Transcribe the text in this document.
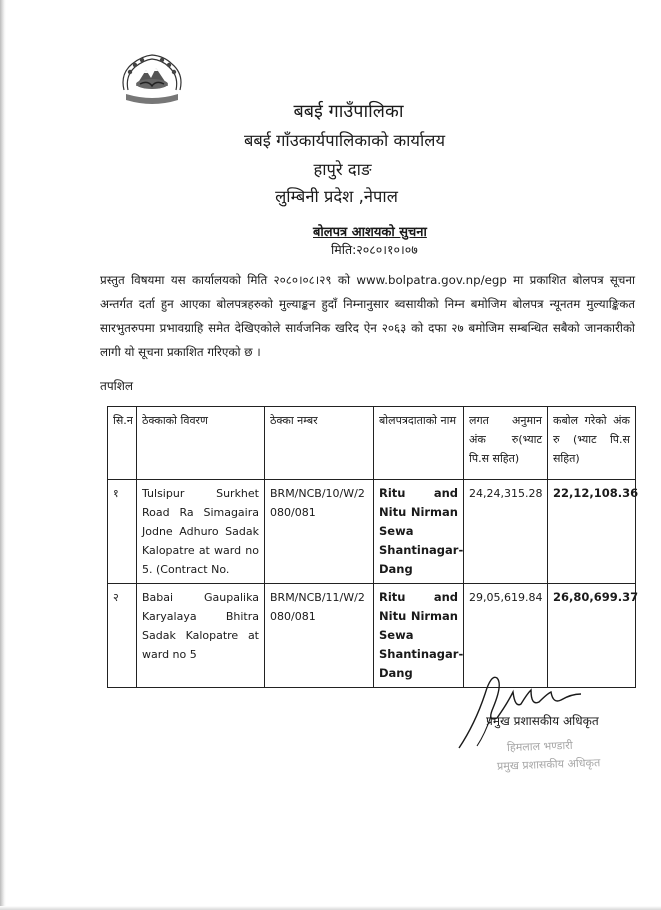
बबई गाउँपालिका
बबई गाँउकार्यपालिकाको कार्यालय
हापुरे दाङ
लुम्बिनी प्रदेश ,नेपाल
बोलपत्र आशयको सुचना
मिति:२०८०।१०।०७
प्रस्तुत विषयमा यस कार्यालयको मिति २०८०।०८।२९ को www.bolpatra.gov.np/egp मा प्रकाशित बोलपत्र सूचना अन्तर्गत दर्ता हुन आएका बोलपत्रहरुको मुल्याङ्कन हुदाँ निम्नानुसार ब्वसायीको निम्न बमोजिम बोलपत्र न्यूनतम मुल्याङ्किकत सारभुतरुपमा प्रभावग्राहि समेत देखिएकोले सार्वजनिक खरिद ऐन २०६३ को दफा २७ बमोजिम सम्बन्धित सबैको जानकारीको लागी यो सूचना प्रकाशित गरिएको छ ।
तपशिल
सि.न	ठेक्काको विवरण	ठेक्का नम्बर	बोलपत्रदाताको नाम	लगत अनुमान अंक रु(भ्याट पि.स सहित)	कबोल गरेको अंक रु (भ्याट पि.स सहित)
१	Tulsipur Surkhet Road Ra Simagaira Jodne Adhuro Sadak Kalopatre at ward no 5. (Contract No.	BRM/NCB/10/W/2 080/081	Ritu and Nitu Nirman Sewa Shantinagar-Dang	24,24,315.28	22,12,108.36
२	Babai Gaupalika Karyalaya Bhitra Sadak Kalopatre at ward no 5	BRM/NCB/11/W/2 080/081	Ritu and Nitu Nirman Sewa Shantinagar-Dang	29,05,619.84	26,80,699.37
प्रमुख प्रशासकीय अधिकृत
हिमलाल भण्डारी
प्रमुख प्रशासकीय अधिकृत
